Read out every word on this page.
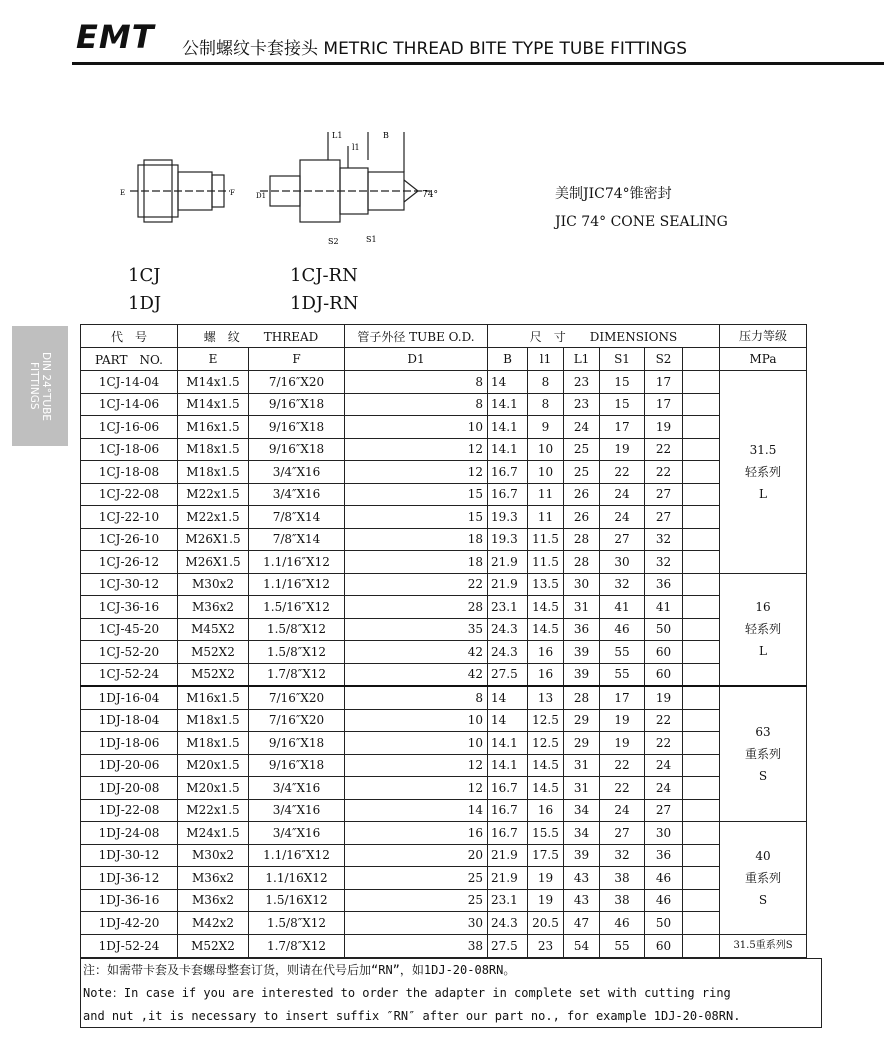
EMT 公制螺纹卡套接头 METRIC THREAD BITE TYPE TUBE FITTINGS
DIN 24°TUBE
FITTINGS
E	F
L1	B
l1
D1
S2	S1
74°	美制JIC74°锥密封
JIC 74° CONE SEALING
1CJ
1DJ
1CJ-RN
1DJ-RN
代　号	螺　纹　　THREAD		管子外径 TUBE O.D.	尺　寸　　DIMENSIONS						压力等级
PART　NO.	E	F	D1	B	l1	L1	S1	S2		MPa
1CJ-14-04	M14x1.5	7/16″X20	8	14	8	23	15	17		31.5
轻系列
L

1CJ-14-06	M14x1.5	9/16″X18	8	14.1	8	23	15	17		
1CJ-16-06	M16x1.5	9/16″X18	10	14.1	9	24	17	19		
1CJ-18-06	M18x1.5	9/16″X18	12	14.1	10	25	19	22		
1CJ-18-08	M18x1.5	3/4″X16	12	16.7	10	25	22	22		
1CJ-22-08	M22x1.5	3/4″X16	15	16.7	11	26	24	27		
1CJ-22-10	M22x1.5	7/8″X14	15	19.3	11	26	24	27		
1CJ-26-10	M26X1.5	7/8″X14	18	19.3	11.5	28	27	32		
1CJ-26-12	M26X1.5	1.1/16″X12	18	21.9	11.5	28	30	32		
1CJ-30-12	M30x2	1.1/16″X12	22	21.9	13.5	30	32	36		16
轻系列
L

1CJ-36-16	M36x2	1.5/16″X12	28	23.1	14.5	31	41	41		
1CJ-45-20	M45X2	1.5/8″X12	35	24.3	14.5	36	46	50		
1CJ-52-20	M52X2	1.5/8″X12	42	24.3	16	39	55	60		
1CJ-52-24	M52X2	1.7/8″X12	42	27.5	16	39	55	60		
1DJ-16-04	M16x1.5	7/16″X20	8	14	13	28	17	19		63
重系列
S

1DJ-18-04	M18x1.5	7/16″X20	10	14	12.5	29	19	22		
1DJ-18-06	M18x1.5	9/16″X18	10	14.1	12.5	29	19	22		
1DJ-20-06	M20x1.5	9/16″X18	12	14.1	14.5	31	22	24		
1DJ-20-08	M20x1.5	3/4″X16	12	16.7	14.5	31	22	24		
1DJ-22-08	M22x1.5	3/4″X16	14	16.7	16	34	24	27		
1DJ-24-08	M24x1.5	3/4″X16	16	16.7	15.5	34	27	30		40
重系列
S

1DJ-30-12	M30x2	1.1/16″X12	20	21.9	17.5	39	32	36		
1DJ-36-12	M36x2	1.1/16X12	25	21.9	19	43	38	46		
1DJ-36-16	M36x2	1.5/16X12	25	23.1	19	43	38	46		
1DJ-42-20	M42x2	1.5/8″X12	30	24.3	20.5	47	46	50		
1DJ-52-24	M52X2	1.7/8″X12	38	27.5	23	54	55	60		31.5重系列S
注：如需带卡套及卡套螺母整套订货，则请在代号后加“RN”，如1DJ-20-08RN。
Note：In case if you are interested to order the adapter in complete set with cutting ring
and nut ,it is necessary to insert suffix ″RN″ after our part no., for example 1DJ-20-08RN.
